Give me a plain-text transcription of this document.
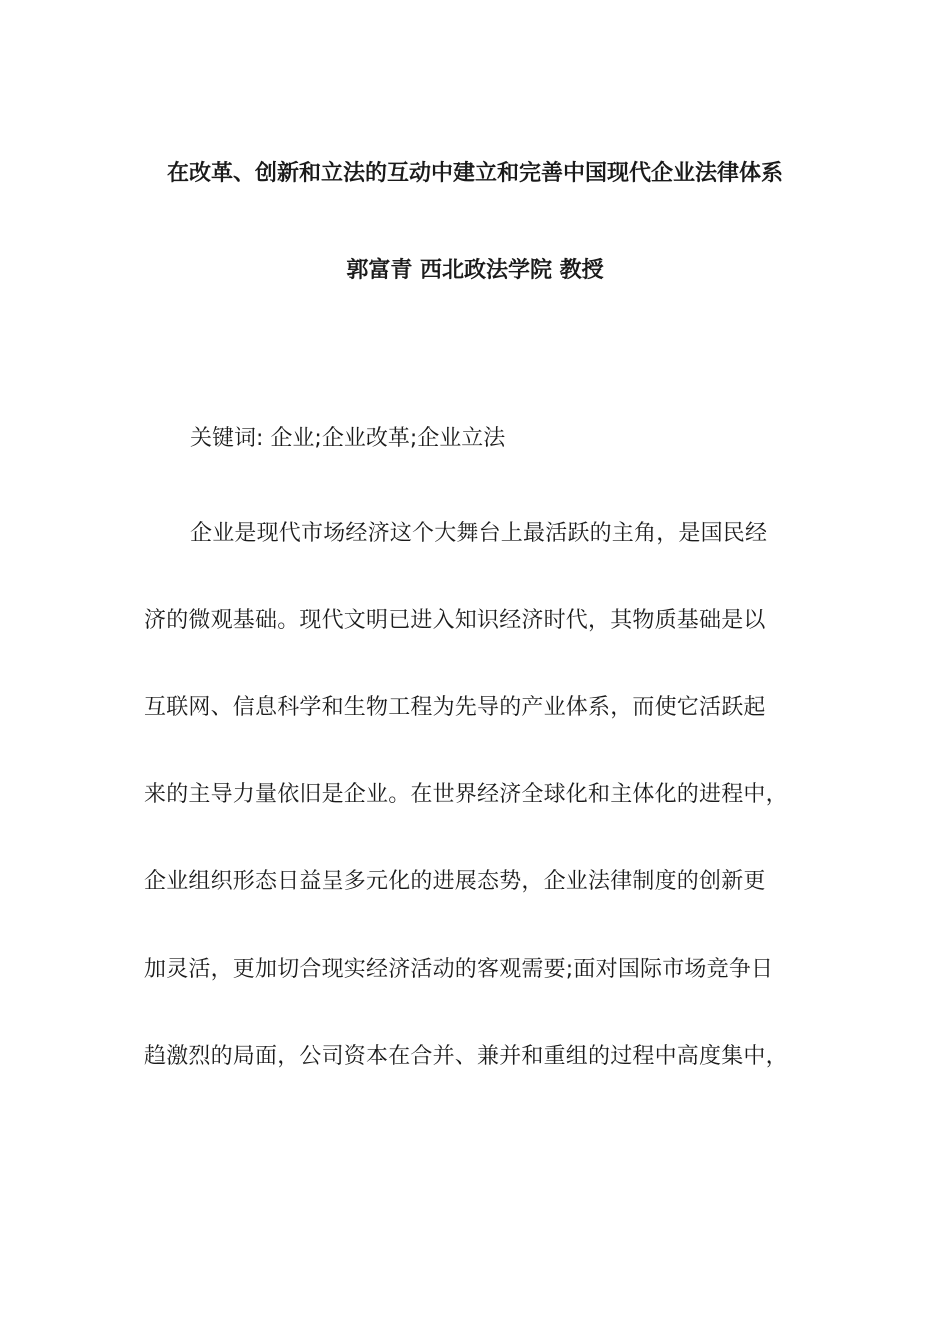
在改革、创新和立法的互动中建立和完善中国现代企业法律体系
郭富青 西北政法学院 教授
关键词: 企业;企业改革;企业立法
企业是现代市场经济这个大舞台上最活跃的主角，是国民经
济的微观基础。现代文明已进入知识经济时代，其物质基础是以
互联网、信息科学和生物工程为先导的产业体系，而使它活跃起
来的主导力量依旧是企业。在世界经济全球化和主体化的进程中，
企业组织形态日益呈多元化的进展态势，企业法律制度的创新更
加灵活，更加切合现实经济活动的客观需要;面对国际市场竞争日
趋激烈的局面，公司资本在合并、兼并和重组的过程中高度集中，
